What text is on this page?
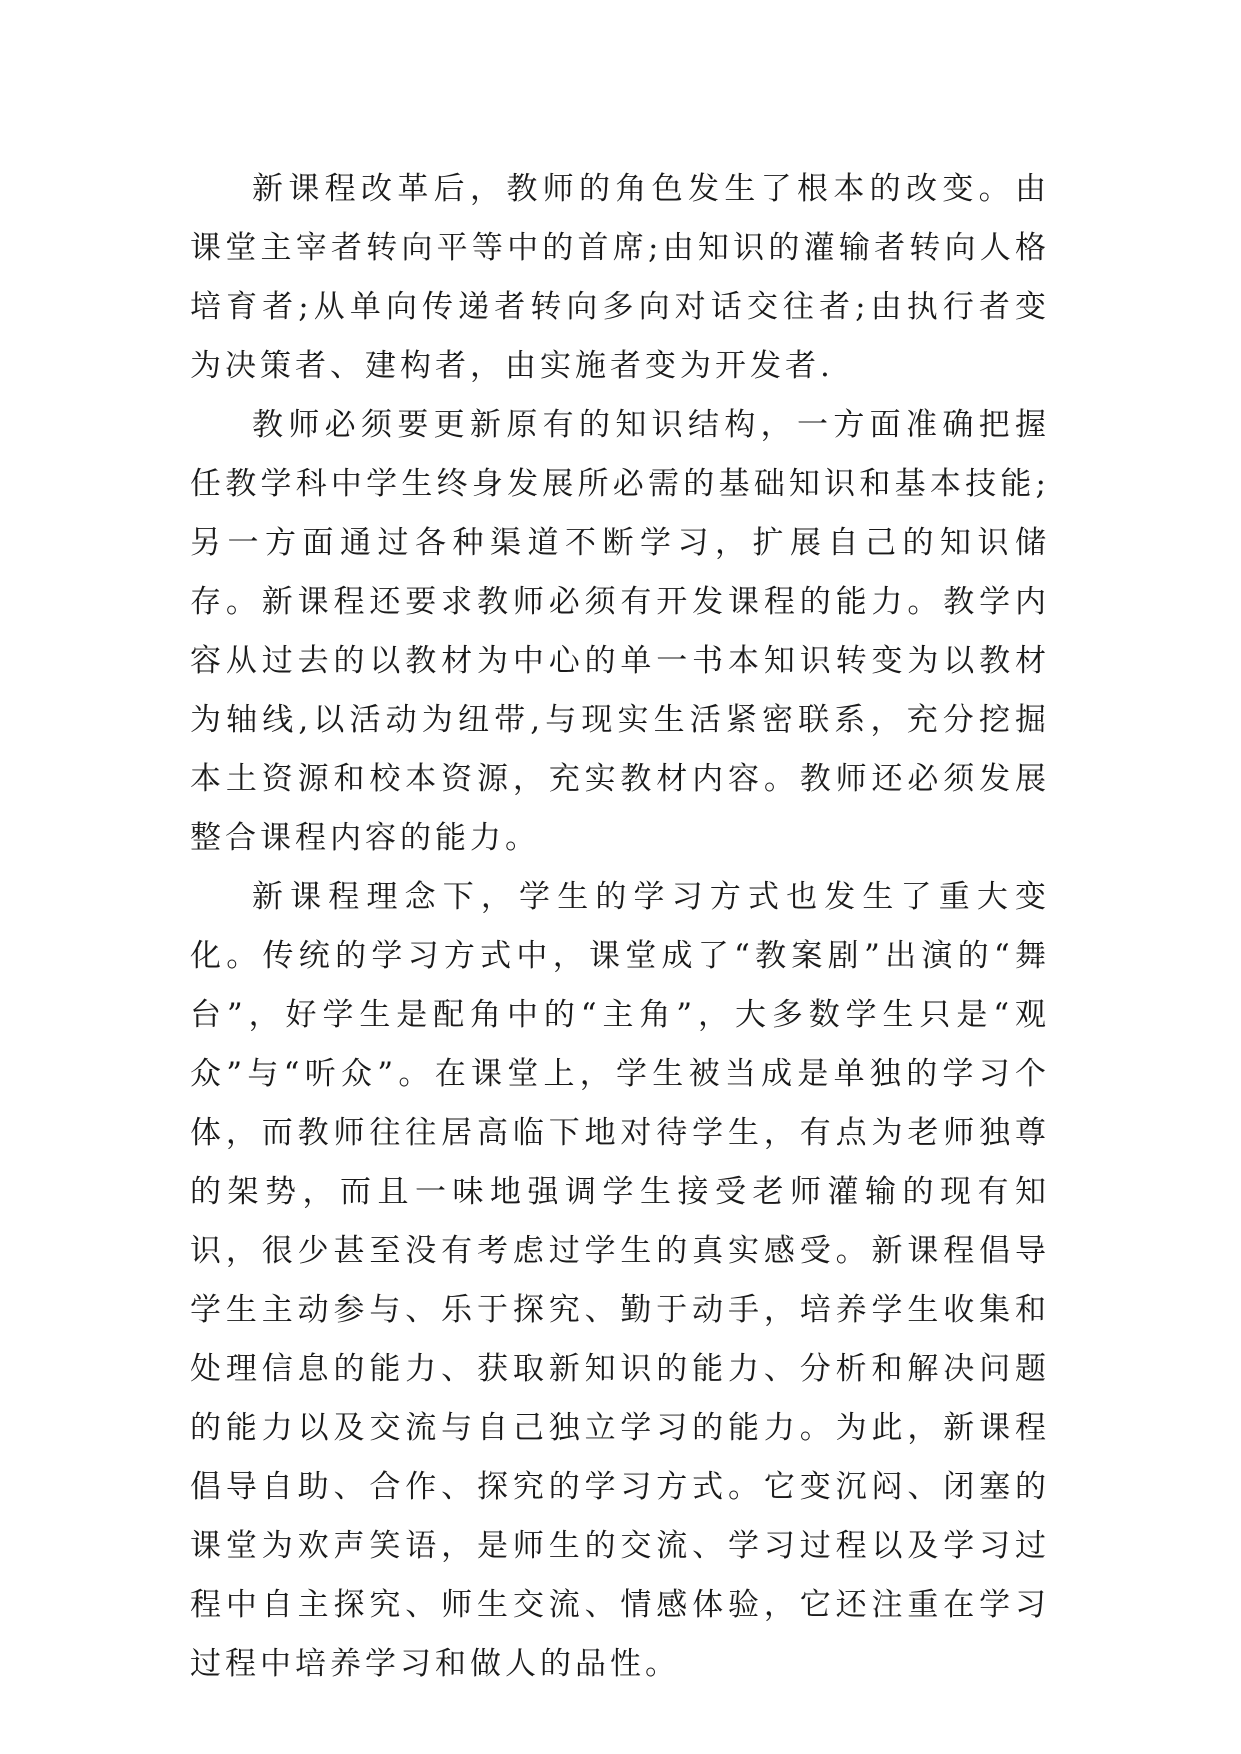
新课程改革后，教师的角色发生了根本的改变。由课堂主宰者转向平等中的首席;由知识的灌输者转向人格培育者;从单向传递者转向多向对话交往者;由执行者变为决策者、建构者，由实施者变为开发者.

教师必须要更新原有的知识结构，一方面准确把握任教学科中学生终身发展所必需的基础知识和基本技能;另一方面通过各种渠道不断学习，扩展自己的知识储存。新课程还要求教师必须有开发课程的能力。教学内容从过去的以教材为中心的单一书本知识转变为以教材为轴线,以活动为纽带,与现实生活紧密联系，充分挖掘本土资源和校本资源，充实教材内容。教师还必须发展整合课程内容的能力。

新课程理念下，学生的学习方式也发生了重大变化。传统的学习方式中，课堂成了“教案剧”出演的“舞台”，好学生是配角中的“主角”，大多数学生只是“观众”与“听众”。在课堂上，学生被当成是单独的学习个体，而教师往往居高临下地对待学生，有点为老师独尊的架势，而且一味地强调学生接受老师灌输的现有知识，很少甚至没有考虑过学生的真实感受。新课程倡导学生主动参与、乐于探究、勤于动手，培养学生收集和处理信息的能力、获取新知识的能力、分析和解决问题的能力以及交流与自己独立学习的能力。为此，新课程倡导自助、合作、探究的学习方式。它变沉闷、闭塞的课堂为欢声笑语，是师生的交流、学习过程以及学习过程中自主探究、师生交流、情感体验，它还注重在学习过程中培养学习和做人的品性。
